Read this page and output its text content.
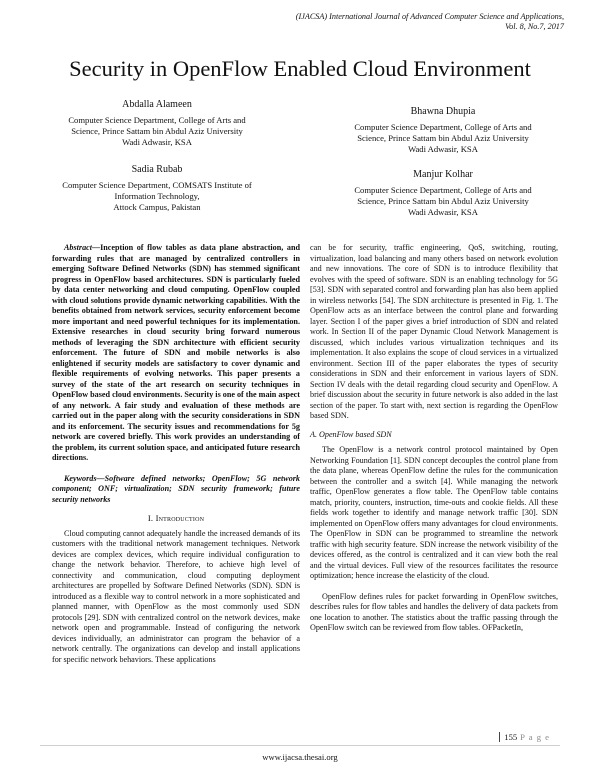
(IJACSA) International Journal of Advanced Computer Science and Applications,
Vol. 8, No.7, 2017
Security in OpenFlow Enabled Cloud Environment
Abdalla Alameen
Computer Science Department, College of Arts and
Science, Prince Sattam bin Abdul Aziz University
Wadi Adwasir, KSA
Bhawna Dhupia
Computer Science Department, College of Arts and
Science, Prince Sattam bin Abdul Aziz University
Wadi Adwasir, KSA
Sadia Rubab
Computer Science Department, COMSATS Institute of
Information Technology,
Attock Campus, Pakistan
Manjur Kolhar
Computer Science Department, College of Arts and
Science, Prince Sattam bin Abdul Aziz University
Wadi Adwasir, KSA

Abstract—Inception of flow tables as data plane abstraction, and forwarding rules that are managed by centralized controllers in emerging Software Defined Networks (SDN) has stemmed significant progress in OpenFlow based architectures. SDN is particularly fueled by data center networking and cloud computing. OpenFlow coupled with cloud solutions provide dynamic networking capabilities. With the benefits obtained from network services, security enforcement become more important and need powerful techniques for its implementation. Extensive researches in cloud security bring forward numerous methods of leveraging the SDN architecture with efficient security enforcement. The future of SDN and mobile networks is also enlightened if security models are satisfactory to cover dynamic and flexible requirements of evolving networks. This paper presents a survey of the state of the art research on security techniques in OpenFlow based cloud environments. Security is one of the main aspect of any network. A fair study and evaluation of these methods are carried out in the paper along with the security considerations in SDN and its enforcement. The security issues and recommendations for 5g network are covered briefly. This work provides an understanding of the problem, its current solution space, and anticipated future research directions.

Keywords—Software defined networks; OpenFlow; 5G network component; ONF; virtualization; SDN security framework; future security networks

I. Introduction

Cloud computing cannot adequately handle the increased demands of its customers with the traditional network management techniques. Network devices are complex devices, which require individual configuration to change the network behavior. Therefore, to achieve high level of connectivity and communication, cloud computing deployment architectures are propelled by Software Defined Networks (SDN). SDN is introduced as a flexible way to control network in a more sophisticated and planned manner, with OpenFlow as the most commonly used SDN protocols [29]. SDN with centralized control on the network devices, make network open and programmable. Instead of configuring the network devices individually, an administrator can program the behavior of a network centrally. The organizations can develop and install applications for specific network behaviors. These applications

can be for security, traffic engineering, QoS, switching, routing, virtualization, load balancing and many others based on network evolution and new innovations. The core of SDN is to introduce flexibility that evolves with the speed of software. SDN is an enabling technology for 5G [53]. SDN with separated control and forwarding plan has also been applied in wireless networks [54]. The SDN architecture is presented in Fig. 1. The OpenFlow acts as an interface between the control plane and forwarding layer. Section I of the paper gives a brief introduction of SDN and related work. In Section II of the paper Dynamic Cloud Network Management is discussed, which includes various virtualization techniques and its implementation. It also explains the scope of cloud services in a virtualized environment. Section III of the paper elaborates the types of security considerations in SDN and their enforcement in various layers of SDN. Section IV deals with the detail regarding cloud security and OpenFlow. A brief discussion about the security in future network is also added in the last section of the paper. To start with, next section is regarding the OpenFlow based SDN.

A. OpenFlow based SDN

The OpenFlow is a network control protocol maintained by Open Networking Foundation [1]. SDN concept decouples the control plane from the data plane, whereas OpenFlow define the rules for the communication between the controller and a switch [4]. While managing the network traffic, OpenFlow generates a flow table. The OpenFlow table contains match, priority, counters, instruction, time-outs and cookie fields. All these fields work together to identify and manage network traffic [30]. SDN implemented on OpenFlow offers many advantages for cloud environments. The OpenFlow in SDN can be programmed to streamline the network traffic with high security feature. SDN increase the network visibility of the devices offered, as the control is centralized and it can view both the real and the virtual devices. Full view of the resources facilitates the resource optimization; hence increase the elasticity of the cloud.

OpenFlow defines rules for packet forwarding in OpenFlow switches, describes rules for flow tables and handles the delivery of data packets from one location to another. The statistics about the traffic passing through the OpenFlow switch can be reviewed from flow tables. OFPacketIn,

155 P a g e
www.ijacsa.thesai.org
